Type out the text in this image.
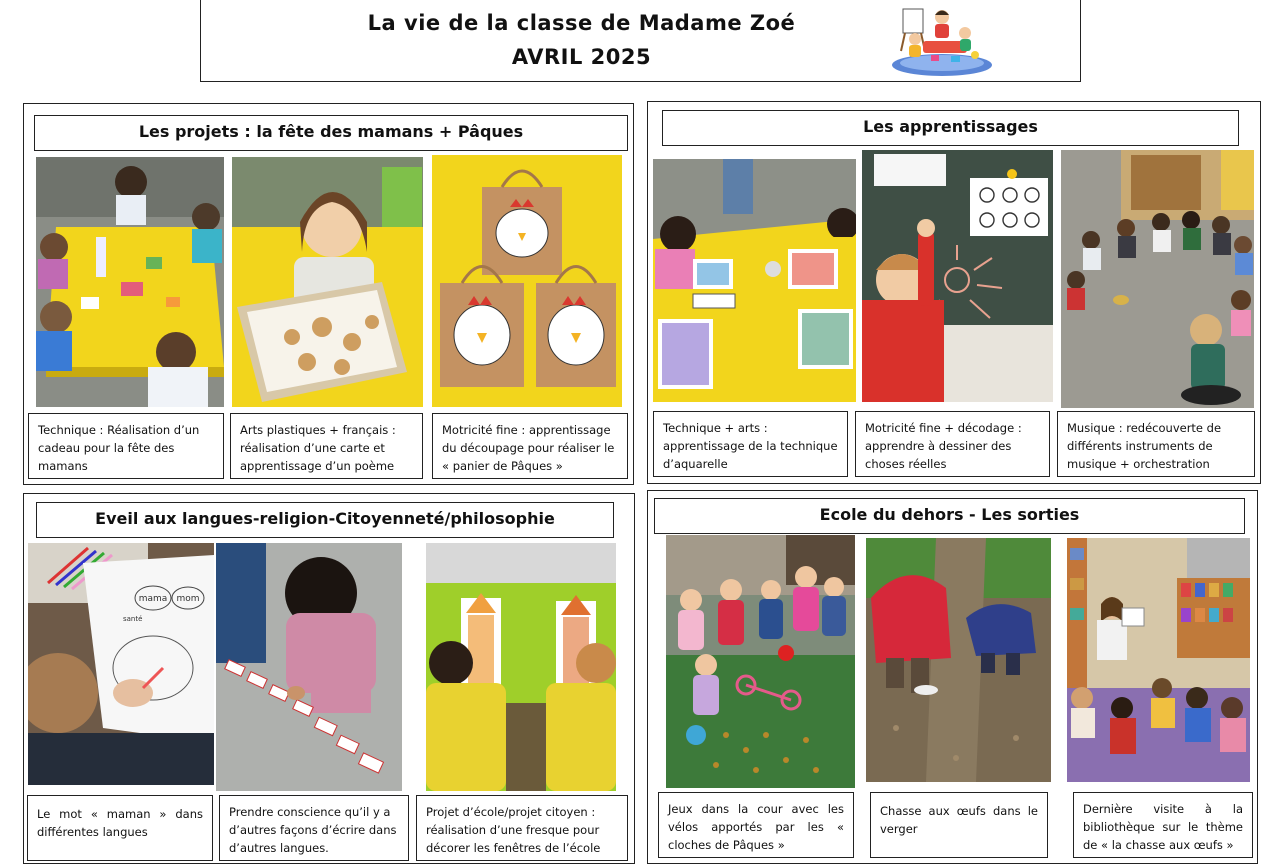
La vie de la classe de Madame Zoé
AVRIL 2025
Les projets : la fête des mamans + Pâques
Technique : Réalisation d’un cadeau pour la fête des mamans
Arts plastiques + français : réalisation d’une carte et apprentissage d’un poème
Motricité fine : apprentissage du découpage pour réaliser le « panier de Pâques »
Les apprentissages
Technique + arts : apprentissage de la technique d’aquarelle
Motricité fine + décodage : apprendre à dessiner des choses réelles
Musique : redécouverte de différents instruments de musique + orchestration
Eveil aux langues-religion-Citoyenneté/philosophie
mama mom
santé
Le mot « maman » dans différentes langues
Prendre conscience qu’il y a d’autres façons d’écrire dans d’autres langues.
Projet d’école/projet citoyen : réalisation d’une fresque pour décorer les fenêtres de l’école
Ecole du dehors - Les sorties
Jeux dans la cour avec les vélos apportés par les « cloches de Pâques »
Chasse aux œufs dans le verger
Dernière visite à la bibliothèque sur le thème de « la chasse aux œufs »
